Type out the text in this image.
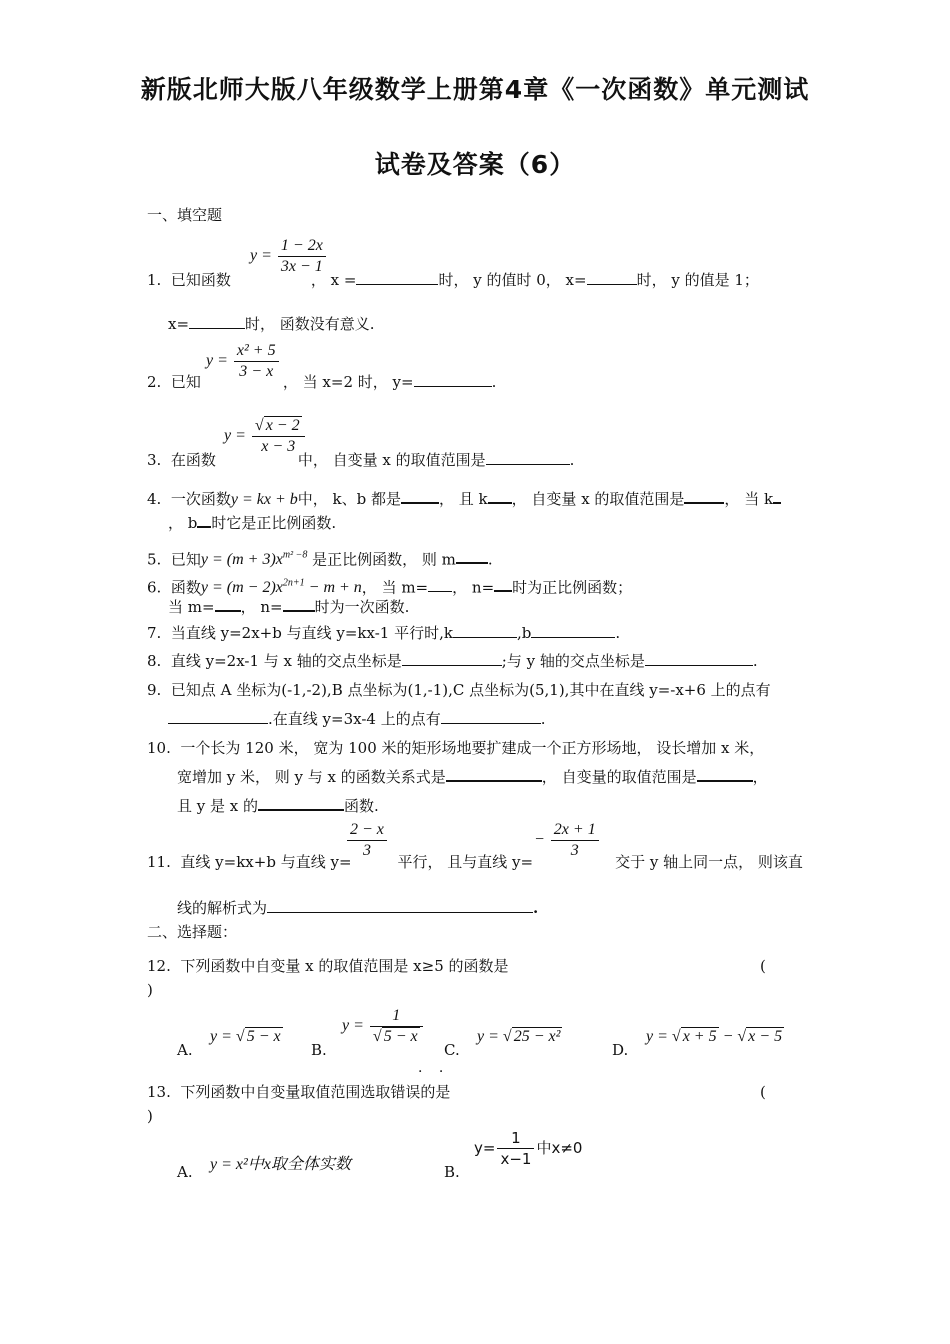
新版北师大版八年级数学上册第4章《一次函数》单元测试
试卷及答案（6）
一、填空题
$y = \frac{1 - 2x}{3x - 1}$
1. 已知函数	， x =	时， y 的值时 0， x=	时， y 的值是 1；
x=	时， 函数没有意义.
$y = \frac{\text{x² + 5}}{3 - x}$
2. 已知	， 当 x=2 时， y=	.
$y = \frac{√ x - 2}{x - 3}$
3. 在函数	中， 自变量 x 的取值范围是	.
4. 一次函数y = kx + b中， k、b 都是	， 且 k ， 自变量 x 的取值范围是	， 当 k
， b 时它是正比例函数.
5. 已知$y = (m + 3)x^{m^2 -8}$ 是正比例函数， 则 m .
6. 函数$y = (m - 2)x^{2n+1} - m + n$， 当 m= ， n= 时为正比例函数；
当 m= ， n= 时为一次函数.
7. 当直线 y=2x+b 与直线 y=kx-1 平行时,k	,b	.
8. 直线 y=2x-1 与 x 轴的交点坐标是	;与 y 轴的交点坐标是	.
9. 已知点 A 坐标为(-1,-2),B 点坐标为(1,-1),C 点坐标为(5,1),其中在直线 y=-x+6 上的点有
.在直线 y=3x-4 上的点有	.
10. 一个长为 120 米， 宽为 100 米的矩形场地要扩建成一个正方形场地， 设长增加 x 米，
宽增加 y 米， 则 y 与 x 的函数关系式是	， 自变量的取值范围是	，
且 y 是 x 的	函数.
$\frac{2 - x}{3}$	− $\frac{2x + 1}{3}$
11. 直线 y=kx+b 与直线 y=	平行， 且与直线 y=	交于 y 轴上同一点， 则该直
线的解析式为	.
二、选择题：
12. 下列函数中自变量 x 的取值范围是 x≥5 的函数是	(
)
A.
y = √ 5 − x
B.
$y = \frac{1}{√ 5 - x}$
C.
y = √ 25 − x²
D.
y = √ x + 5 − √ x − 5
· ·
13. 下列函数中自变量取值范围选取错误的是	(
)
A. y = x²中x取全体实数	B.
$y= \frac{1}{x-1}$ 中x≠0
